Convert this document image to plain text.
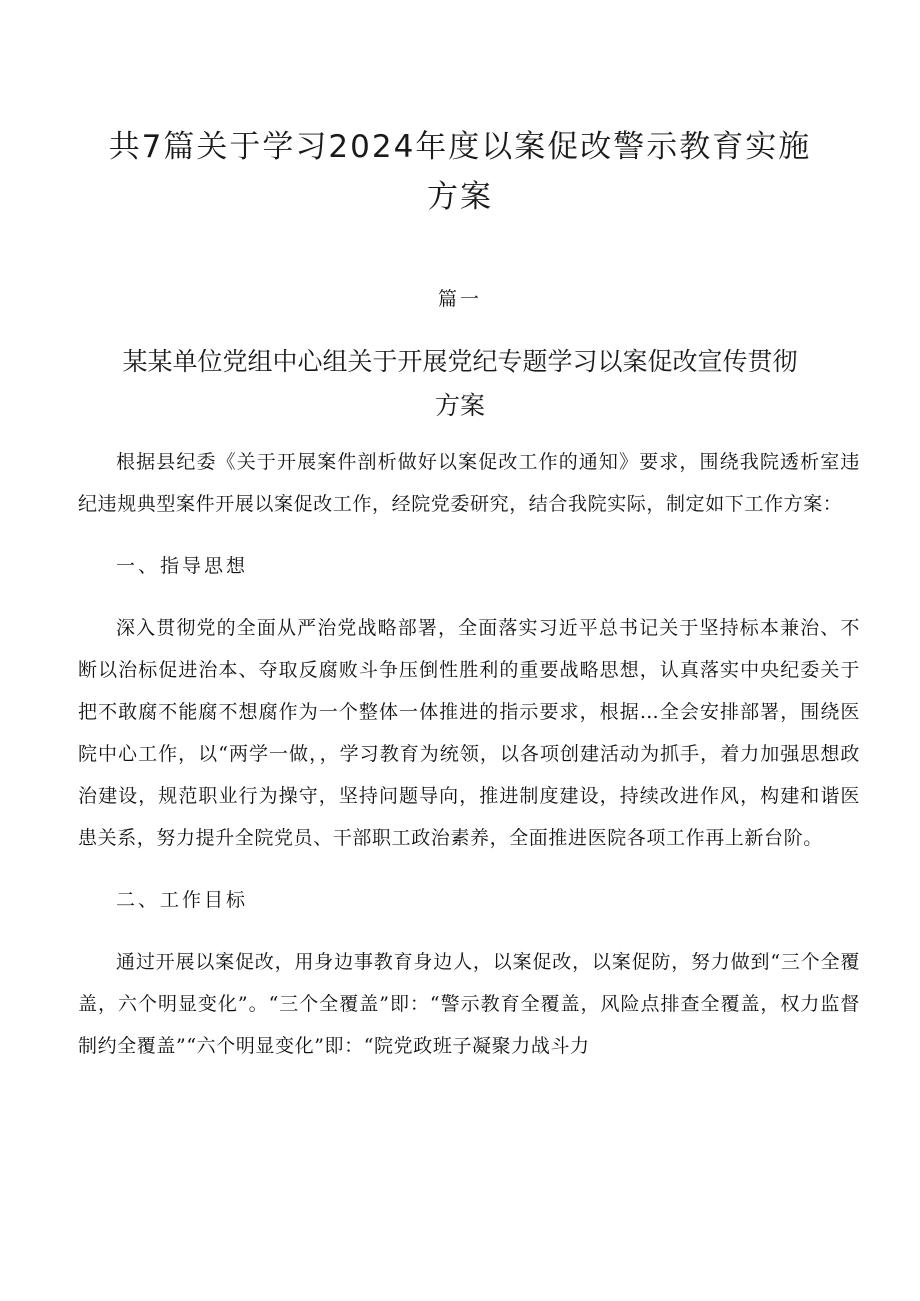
共7篇关于学习2024年度以案促改警示教育实施方案
篇一
某某单位党组中心组关于开展党纪专题学习以案促改宣传贯彻方案

根据县纪委《关于开展案件剖析做好以案促改工作的通知》要求，围绕我院透析室违纪违规典型案件开展以案促改工作，经院党委研究，结合我院实际，制定如下工作方案：

一、指导思想

深入贯彻党的全面从严治党战略部署，全面落实习近平总书记关于坚持标本兼治、不断以治标促进治本、夺取反腐败斗争压倒性胜利的重要战略思想，认真落实中央纪委关于把不敢腐不能腐不想腐作为一个整体一体推进的指示要求，根据…全会安排部署，围绕医院中心工作，以“两学一做，，学习教育为统领，以各项创建活动为抓手，着力加强思想政治建设，规范职业行为操守，坚持问题导向，推进制度建设，持续改进作风，构建和谐医患关系，努力提升全院党员、干部职工政治素养，全面推进医院各项工作再上新台阶。

二、工作目标

通过开展以案促改，用身边事教育身边人，以案促改，以案促防，努力做到“三个全覆盖，六个明显变化”。“三个全覆盖”即：“警示教育全覆盖，风险点排查全覆盖，权力监督制约全覆盖”“六个明显变化”即：“院党政班子凝聚力战斗力
